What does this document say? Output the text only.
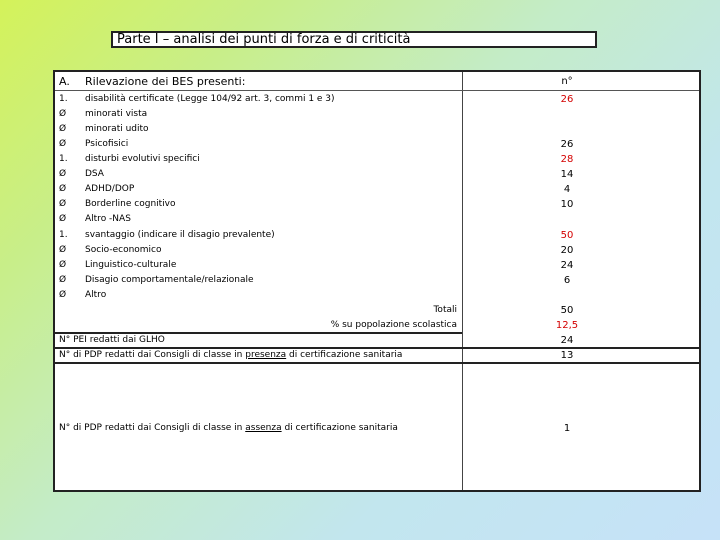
Parte I – analisi dei punti di forza e di criticità
A. Rilevazione dei BES presenti:	n°
1. disabilità certificate (Legge 104/92 art. 3, commi 1 e 3)	26
Ø minorati vista
Ø minorati udito
Ø Psicofisici	26
1. disturbi evolutivi specifici	28
Ø DSA	14
Ø ADHD/DOP	4
Ø Borderline cognitivo	10
Ø Altro -NAS
1. svantaggio (indicare il disagio prevalente)	50
Ø Socio-economico	20
Ø Linguistico-culturale	24
Ø Disagio comportamentale/relazionale	6
Ø Altro
Totali	50
% su popolazione scolastica	12,5
N° PEI redatti dai GLHO	24
N° di PDP redatti dai Consigli di classe in presenza di certificazione sanitaria	13
N° di PDP redatti dai Consigli di classe in assenza di certificazione sanitaria	1
